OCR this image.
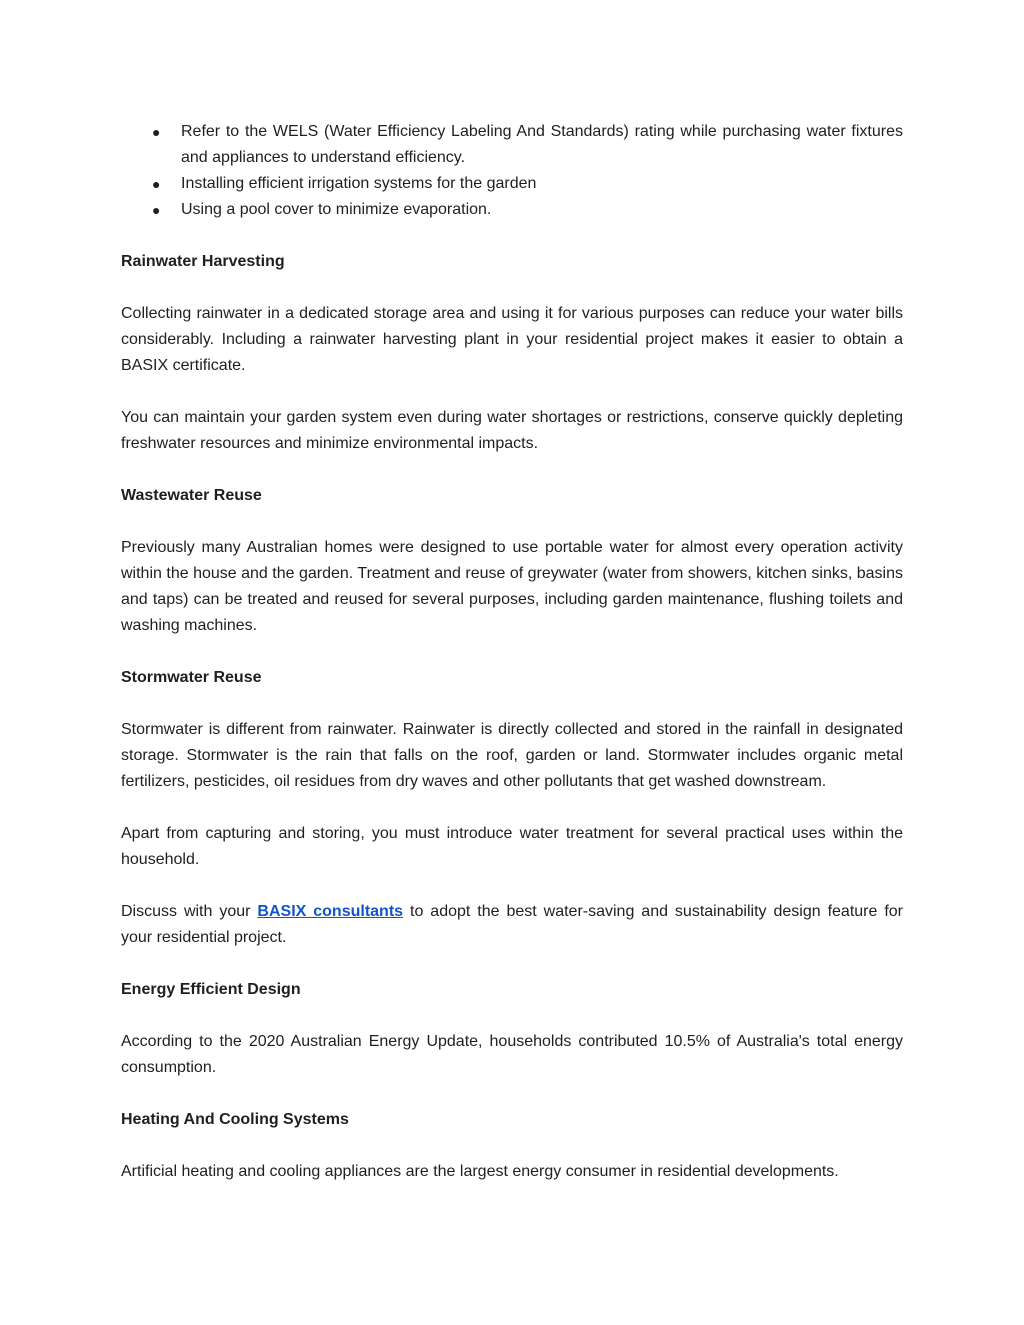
● Refer to the WELS (Water Efficiency Labeling And Standards) rating while purchasing water fixtures and appliances to understand efficiency.
● Installing efficient irrigation systems for the garden
● Using a pool cover to minimize evaporation.
Rainwater Harvesting

Collecting rainwater in a dedicated storage area and using it for various purposes can reduce your water bills considerably. Including a rainwater harvesting plant in your residential project makes it easier to obtain a BASIX certificate.

You can maintain your garden system even during water shortages or restrictions, conserve quickly depleting freshwater resources and minimize environmental impacts.

Wastewater Reuse

Previously many Australian homes were designed to use portable water for almost every operation activity within the house and the garden. Treatment and reuse of greywater (water from showers, kitchen sinks, basins and taps) can be treated and reused for several purposes, including garden maintenance, flushing toilets and washing machines.

Stormwater Reuse

Stormwater is different from rainwater. Rainwater is directly collected and stored in the rainfall in designated storage. Stormwater is the rain that falls on the roof, garden or land. Stormwater includes organic metal fertilizers, pesticides, oil residues from dry waves and other pollutants that get washed downstream.

Apart from capturing and storing, you must introduce water treatment for several practical uses within the household.

Discuss with your BASIX consultants to adopt the best water-saving and sustainability design feature for your residential project.

Energy Efficient Design

According to the 2020 Australian Energy Update, households contributed 10.5% of Australia's total energy consumption.

Heating And Cooling Systems

Artificial heating and cooling appliances are the largest energy consumer in residential developments.
